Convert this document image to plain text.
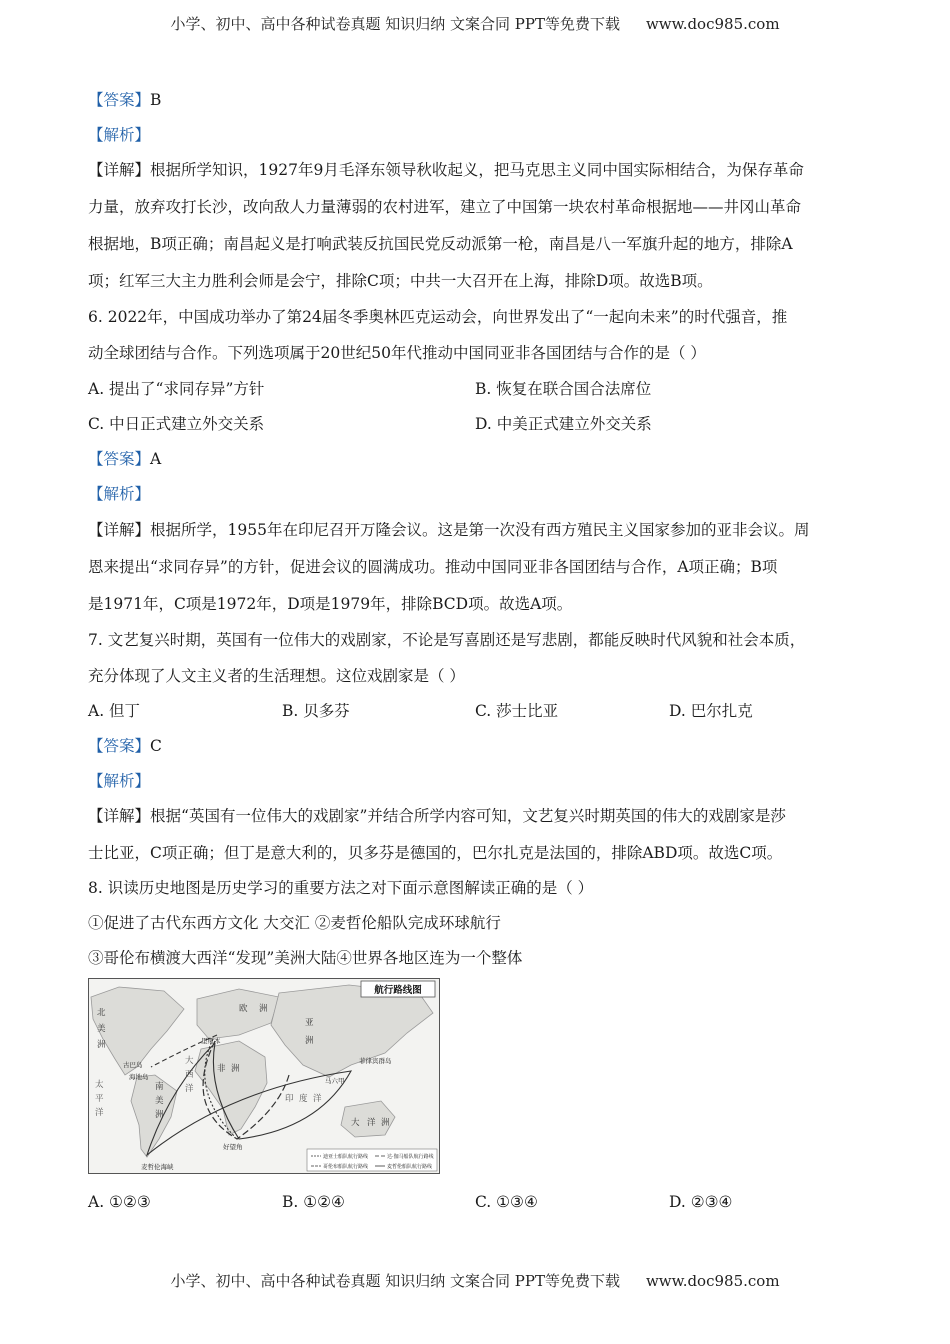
小学、初中、高中各种试卷真题 知识归纳 文案合同 PPT等免费下载 www.doc985.com
【答案】B
【解析】
【详解】根据所学知识，1927年9月毛泽东领导秋收起义，把马克思主义同中国实际相结合，为保存革命
力量，放弃攻打长沙，改向敌人力量薄弱的农村进军，建立了中国第一块农村革命根据地——井冈山革命
根据地，B项正确；南昌起义是打响武装反抗国民党反动派第一枪，南昌是八一军旗升起的地方，排除A
项；红军三大主力胜利会师是会宁，排除C项；中共一大召开在上海，排除D项。故选B项。
6. 2022年，中国成功举办了第24届冬季奥林匹克运动会，向世界发出了“一起向未来”的时代强音，推
动全球团结与合作。下列选项属于20世纪50年代推动中国同亚非各国团结与合作的是（ ）
A. 提出了“求同存异”方针	B. 恢复在联合国合法席位
C. 中日正式建立外交关系	D. 中美正式建立外交关系
【答案】A
【解析】
【详解】根据所学，1955年在印尼召开万隆会议。这是第一次没有西方殖民主义国家参加的亚非会议。周
恩来提出“求同存异”的方针，促进会议的圆满成功。推动中国同亚非各国团结与合作，A项正确；B项
是1971年，C项是1972年，D项是1979年，排除BCD项。故选A项。
7. 文艺复兴时期，英国有一位伟大的戏剧家，不论是写喜剧还是写悲剧，都能反映时代风貌和社会本质，
充分体现了人文主义者的生活理想。这位戏剧家是（ ）
A. 但丁	B. 贝多芬	C. 莎士比亚	D. 巴尔扎克
【答案】C
【解析】
【详解】根据“英国有一位伟大的戏剧家”并结合所学内容可知，文艺复兴时期英国的伟大的戏剧家是莎
士比亚，C项正确；但丁是意大利的，贝多芬是德国的，巴尔扎克是法国的，排除ABD项。故选C项。
8. 识读历史地图是历史学习的重要方法之对下面示意图解读正确的是（ ）
①促进了古代东西方文化 大交汇 ②麦哲伦船队完成环球航行
③哥伦布横渡大西洋“发现”美洲大陆④世界各地区连为一个整体
航行路线图
北
美
洲
欧 洲
亚
洲
非 洲
南
美
洲
大 洋 洲
大
西
洋
太
平
洋
印 度 洋
里斯本
古巴岛
海地岛
好望角
马六甲
菲律宾群岛
麦哲伦海峡
迪亚士船队航行路线	达·伽马船队航行路线
哥伦布船队航行路线	麦哲伦船队航行路线
A. ①②③	B. ①②④	C. ①③④	D. ②③④
小学、初中、高中各种试卷真题 知识归纳 文案合同 PPT等免费下载 www.doc985.com
